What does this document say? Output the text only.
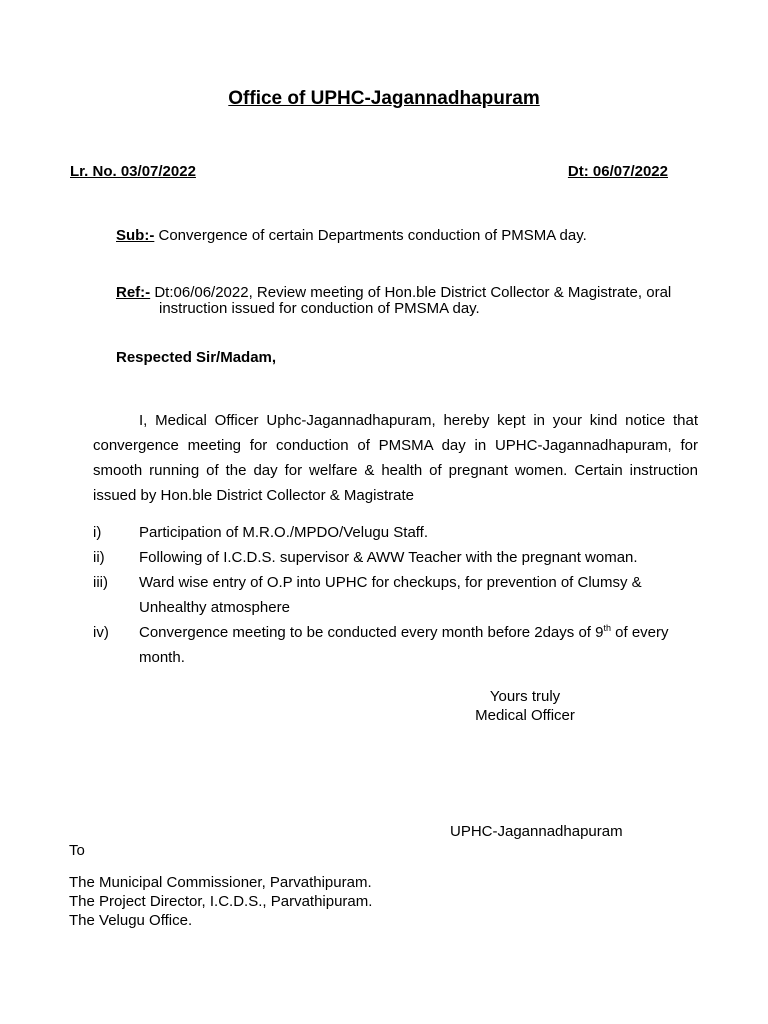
Office of UPHC-Jagannadhapuram
Lr. No. 03/07/2022	Dt: 06/07/2022
Sub:- Convergence of certain Departments conduction of PMSMA day.
Ref:- Dt:06/06/2022, Review meeting of Hon.ble District Collector & Magistrate, oral
instruction issued for conduction of PMSMA day.
Respected Sir/Madam,
I, Medical Officer Uphc-Jagannadhapuram, hereby kept in your kind notice that convergence meeting for conduction of PMSMA day in UPHC-Jagannadhapuram, for smooth running of the day for welfare & health of pregnant women. Certain instruction issued by Hon.ble District Collector & Magistrate
i)	Participation of M.R.O./MPDO/Velugu Staff.
ii)	Following of I.C.D.S. supervisor & AWW Teacher with the pregnant woman.
iii)	Ward wise entry of O.P into UPHC for checkups, for prevention of Clumsy & Unhealthy atmosphere
iv)	Convergence meeting to be conducted every month before 2days of 9th of every month.
Yours truly
Medical Officer
UPHC-Jagannadhapuram
To
The Municipal Commissioner, Parvathipuram.
The Project Director, I.C.D.S., Parvathipuram.
The Velugu Office.
